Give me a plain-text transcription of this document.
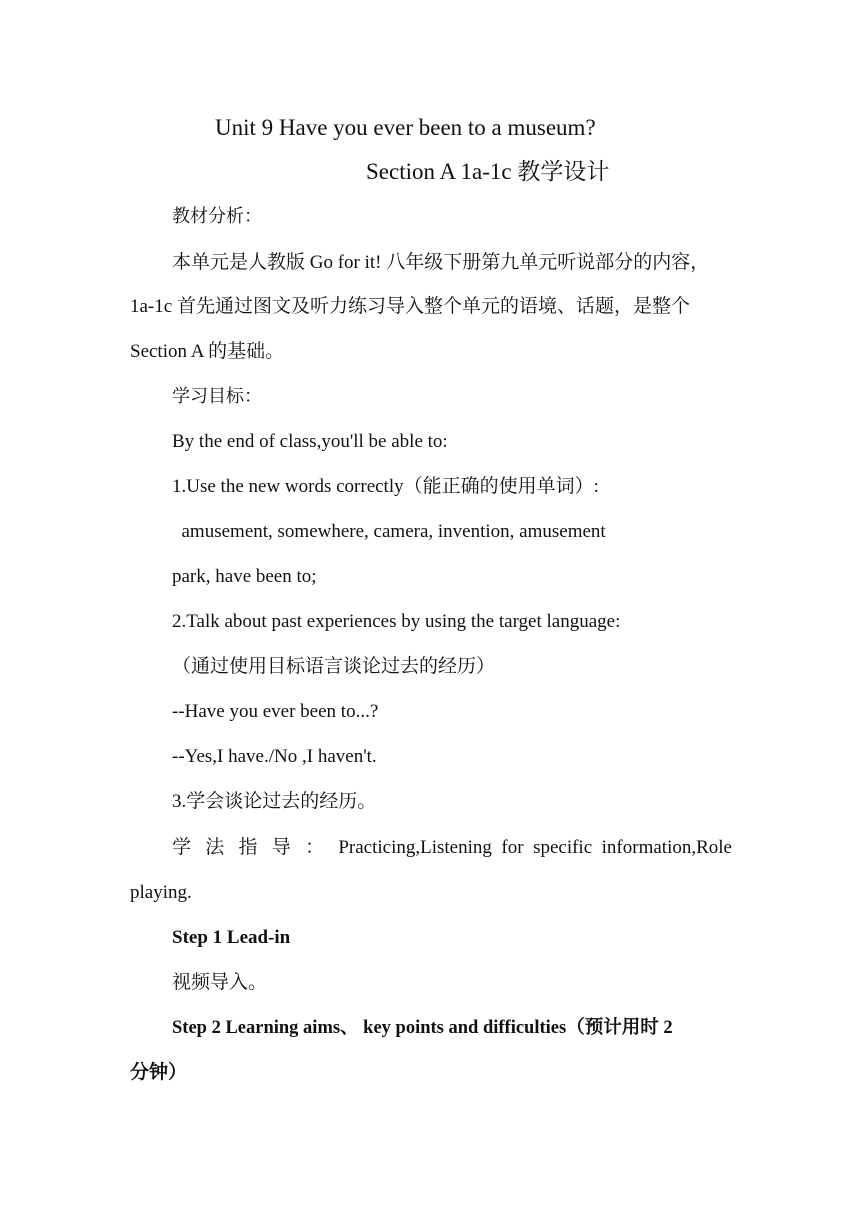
Unit 9 Have you ever been to a museum?
Section A 1a-1c 教学设计
教材分析：
本单元是人教版 Go for it! 八年级下册第九单元听说部分的内容，
1a-1c 首先通过图文及听力练习导入整个单元的语境、话题，是整个
Section A 的基础。
学习目标：
By the end of class,you'll be able to:
1.Use the new words correctly（能正确的使用单词）:
amusement, somewhere, camera, invention, amusement
park, have been to;
2.Talk about past experiences by using the target language:
（通过使用目标语言谈论过去的经历）
--Have you ever been to...?
--Yes,I have./No ,I haven't.
3.学会谈论过去的经历。
学 法 指 导 ： Practicing,Listening for specific information,Role
playing.
Step 1 Lead-in
视频导入。
Step 2 Learning aims、 key points and difficulties（预计用时 2
分钟）
